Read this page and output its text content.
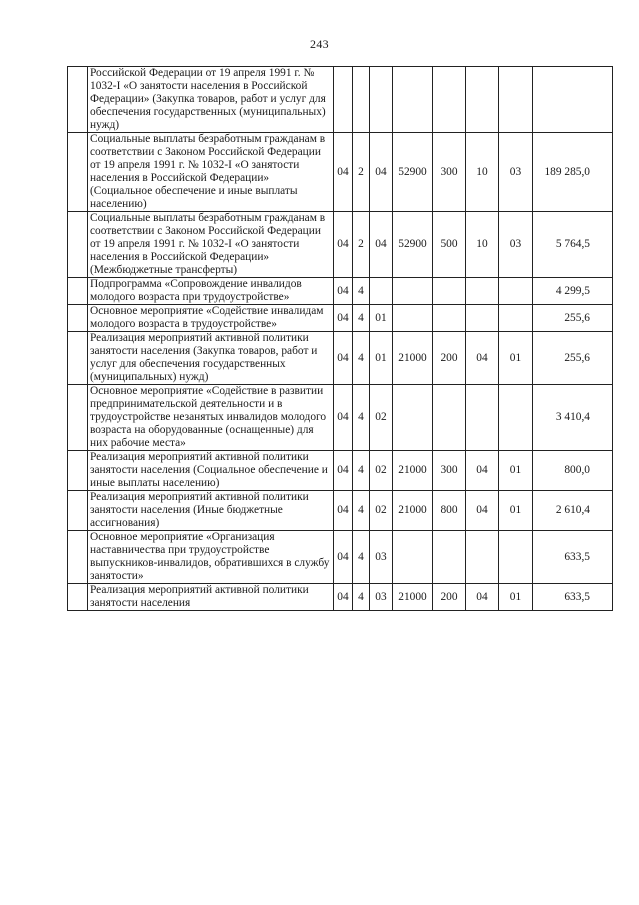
243
	Российской Федерации от 19 апреля 1991 г. № 1032-I «О занятости населения в Российской Федерации» (Закупка товаров, работ и услуг для обеспечения государственных (муниципальных) нужд)								
	Социальные выплаты безработным гражданам в соответствии с Законом Российской Федерации от 19 апреля 1991 г. № 1032-I «О занятости населения в Российской Федерации» (Социальное обеспечение и иные выплаты населению)	04	2	04	52900	300	10	03	189 285,0
	Социальные выплаты безработным гражданам в соответствии с Законом Российской Федерации от 19 апреля 1991 г. № 1032-I «О занятости населения в Российской Федерации» (Межбюджетные трансферты)	04	2	04	52900	500	10	03	5 764,5
	Подпрограмма «Сопровождение инвалидов молодого возраста при трудоустройстве»	04	4						4 299,5
	Основное мероприятие «Содействие инвалидам молодого возраста в трудоустройстве»	04	4	01					255,6
	Реализация мероприятий активной политики занятости населения (Закупка товаров, работ и услуг для обеспечения государственных (муниципальных) нужд)	04	4	01	21000	200	04	01	255,6
	Основное мероприятие «Содействие в развитии предпринимательской деятельности и в трудоустройстве незанятых инвалидов молодого возраста на оборудованные (оснащенные) для них рабочие места»	04	4	02					3 410,4
	Реализация мероприятий активной политики занятости населения (Социальное обеспечение и иные выплаты населению)	04	4	02	21000	300	04	01	800,0
	Реализация мероприятий активной политики занятости населения (Иные бюджетные ассигнования)	04	4	02	21000	800	04	01	2 610,4
	Основное мероприятие «Организация наставничества при трудоустройстве выпускников-инвалидов, обратившихся в службу занятости»	04	4	03					633,5
	Реализация мероприятий активной политики занятости населения	04	4	03	21000	200	04	01	633,5
